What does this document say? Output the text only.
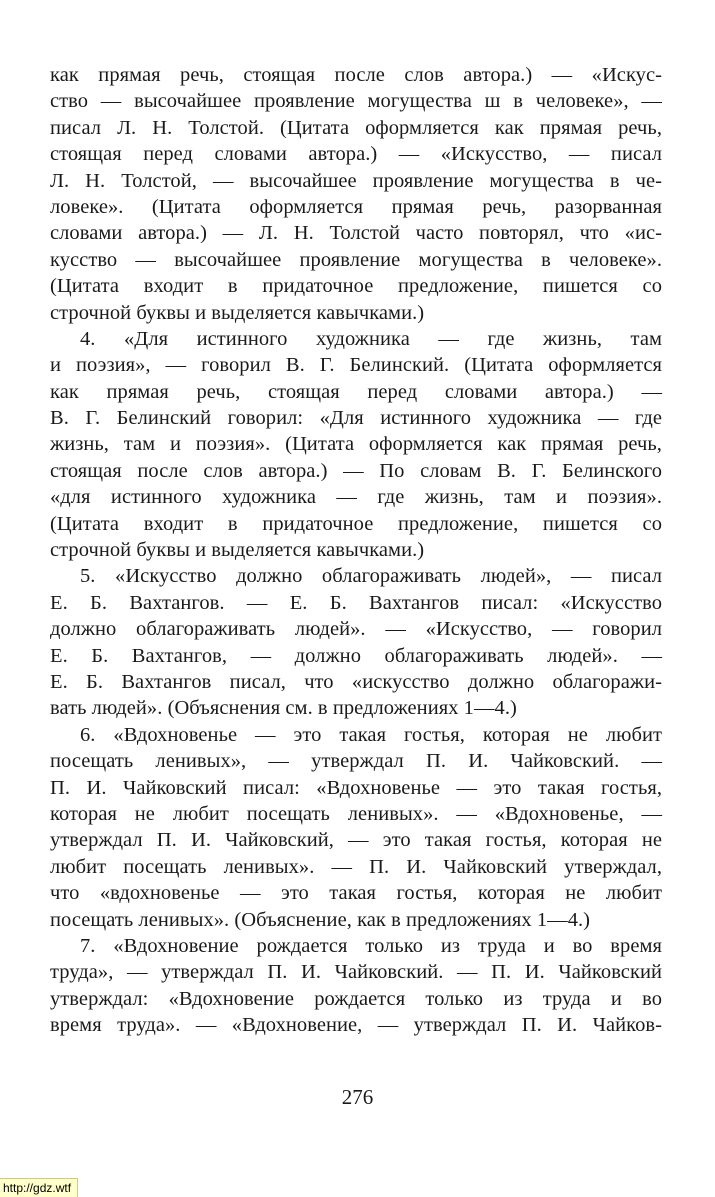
как прямая речь, стоящая после слов автора.) — «Искус-
ство — высочайшее проявление могущества ш в человеке», —
писал Л. Н. Толстой. (Цитата оформляется как прямая речь,
стоящая перед словами автора.) — «Искусство, — писал
Л. Н. Толстой, — высочайшее проявление могущества в че-
ловеке». (Цитата оформляется прямая речь, разорванная
словами автора.) — Л. Н. Толстой часто повторял, что «ис-
кусство — высочайшее проявление могущества в человеке».
(Цитата входит в придаточное предложение, пишется со
строчной буквы и выделяется кавычками.)
4. «Для истинного художника — где жизнь, там
и поэзия», — говорил В. Г. Белинский. (Цитата оформляется
как прямая речь, стоящая перед словами автора.) —
В. Г. Белинский говорил: «Для истинного художника — где
жизнь, там и поэзия». (Цитата оформляется как прямая речь,
стоящая после слов автора.) — По словам В. Г. Белинского
«для истинного художника — где жизнь, там и поэзия».
(Цитата входит в придаточное предложение, пишется со
строчной буквы и выделяется кавычками.)
5. «Искусство должно облагораживать людей», — писал
Е. Б. Вахтангов. — Е. Б. Вахтангов писал: «Искусство
должно облагораживать людей». — «Искусство, — говорил
Е. Б. Вахтангов, — должно облагораживать людей». —
Е. Б. Вахтангов писал, что «искусство должно облагоражи-
вать людей». (Объяснения см. в предложениях 1—4.)
6. «Вдохновенье — это такая гостья, которая не любит
посещать ленивых», — утверждал П. И. Чайковский. —
П. И. Чайковский писал: «Вдохновенье — это такая гостья,
которая не любит посещать ленивых». — «Вдохновенье, —
утверждал П. И. Чайковский, — это такая гостья, которая не
любит посещать ленивых». — П. И. Чайковский утверждал,
что «вдохновенье — это такая гостья, которая не любит
посещать ленивых». (Объяснение, как в предложениях 1—4.)
7. «Вдохновение рождается только из труда и во время
труда», — утверждал П. И. Чайковский. — П. И. Чайковский
утверждал: «Вдохновение рождается только из труда и во
время труда». — «Вдохновение, — утверждал П. И. Чайков-
276
http://gdz.wtf
